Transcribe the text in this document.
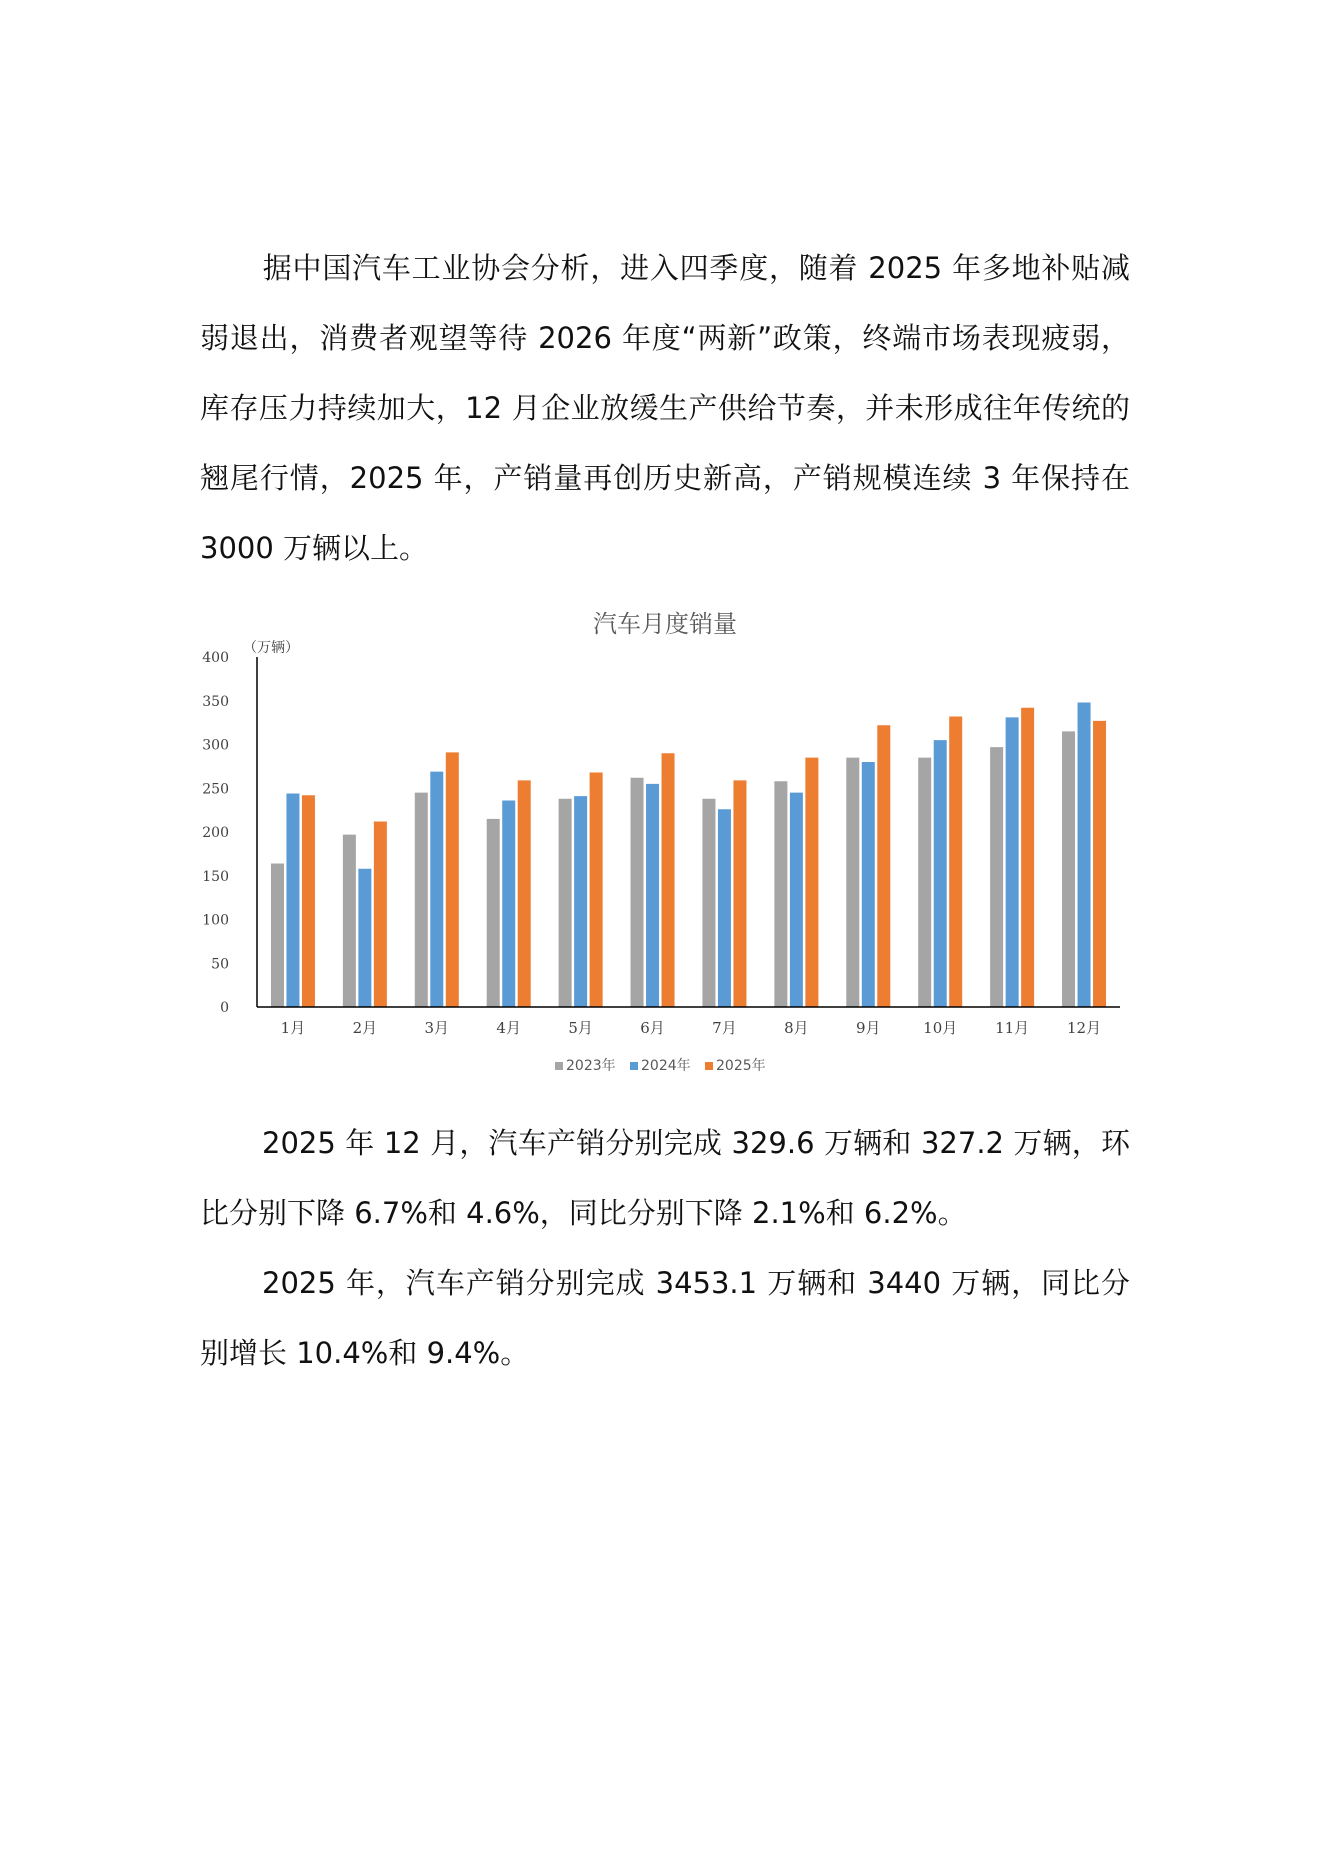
据中国汽车工业协会分析，进入四季度，随着 2025 年多地补贴减弱退出，消费者观望等待 2026 年度“两新”政策，终端市场表现疲弱，库存压力持续加大，12 月企业放缓生产供给节奏，并未形成往年传统的翘尾行情，2025 年，产销量再创历史新高，产销规模连续 3 年保持在 3000 万辆以上。

汽车月度销量
（万辆）
0
50
100
150
200
250
300
350
400
1月	2月	3月	4月	5月	6月	7月	8月	9月	10月	11月	12月
2023年 2024年 2025年

2025 年 12 月，汽车产销分别完成 329.6 万辆和 327.2 万辆，环比分别下降 6.7%和 4.6%，同比分别下降 2.1%和 6.2%。

2025 年，汽车产销分别完成 3453.1 万辆和 3440 万辆，同比分别增长 10.4%和 9.4%。
